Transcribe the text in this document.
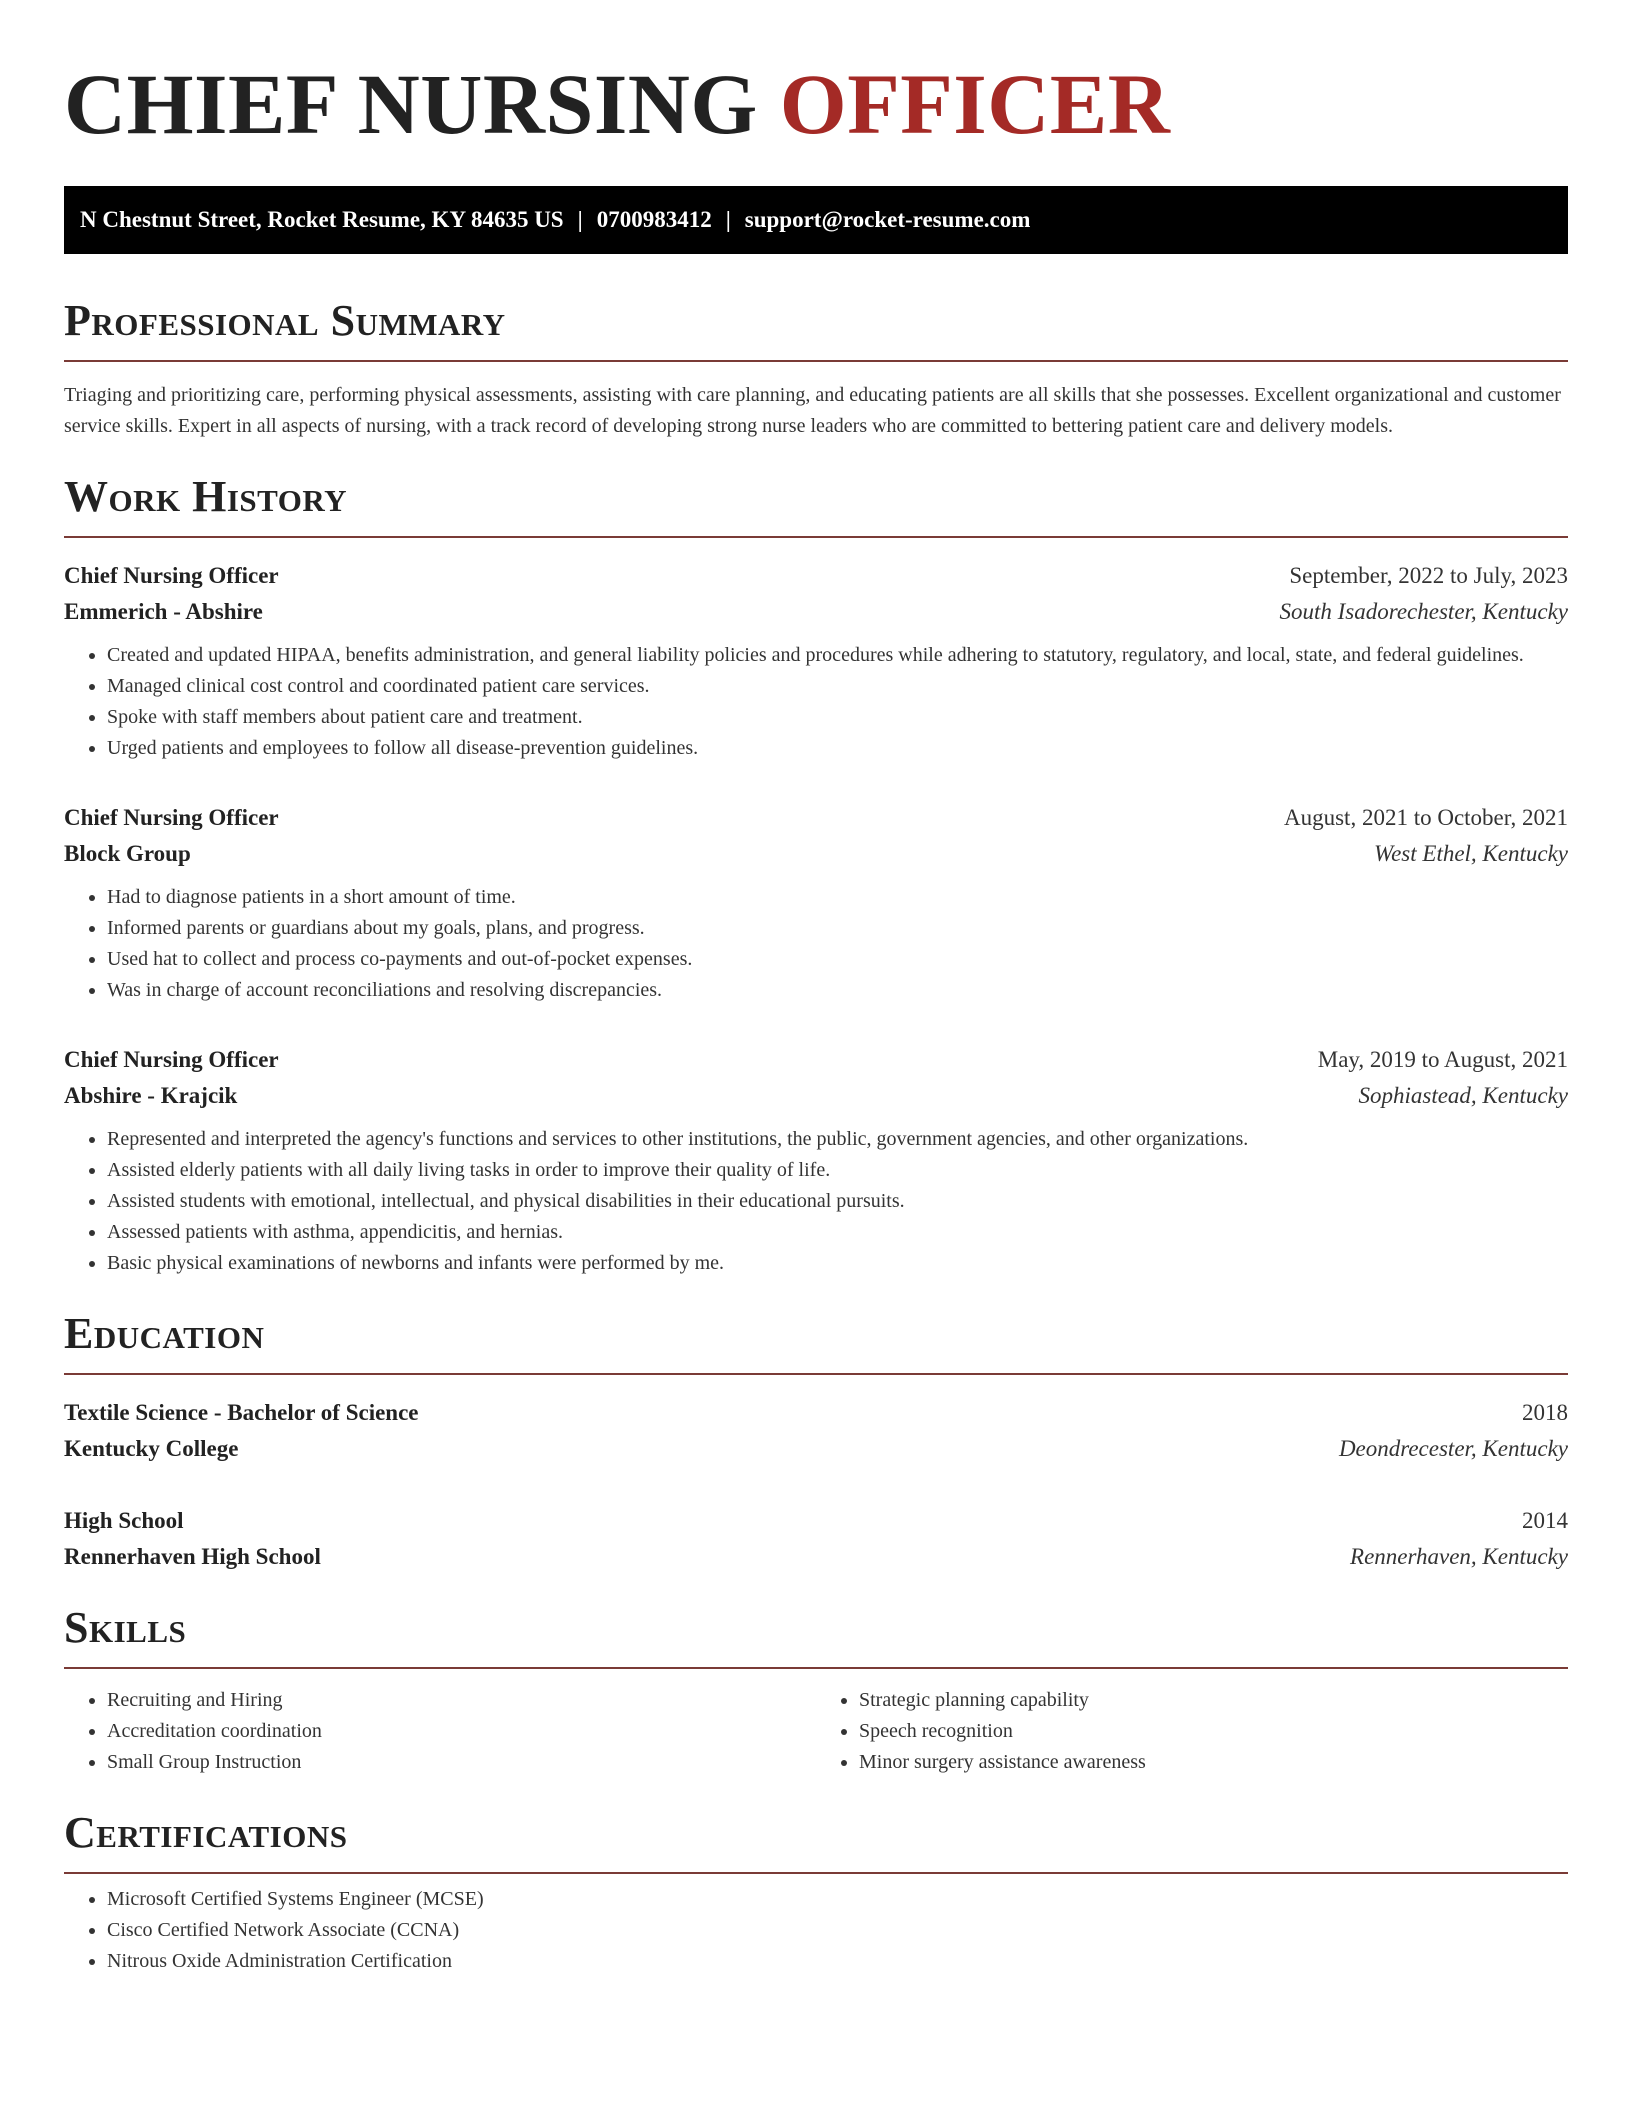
CHIEF NURSING OFFICER
N Chestnut Street, Rocket Resume, KY 84635 US | 0700983412 | support@rocket-resume.com
Professional Summary

Triaging and prioritizing care, performing physical assessments, assisting with care planning, and educating patients are all skills that she possesses. Excellent organizational and customer service skills. Expert in all aspects of nursing, with a track record of developing strong nurse leaders who are committed to bettering patient care and delivery models.

Work History
Chief Nursing Officer	September, 2022 to July, 2023
Emmerich - Abshire	South Isadorechester, Kentucky
• Created and updated HIPAA, benefits administration, and general liability policies and procedures while adhering to statutory, regulatory, and local, state, and federal guidelines.
• Managed clinical cost control and coordinated patient care services.
• Spoke with staff members about patient care and treatment.
• Urged patients and employees to follow all disease-prevention guidelines.
Chief Nursing Officer	August, 2021 to October, 2021
Block Group	West Ethel, Kentucky
• Had to diagnose patients in a short amount of time.
• Informed parents or guardians about my goals, plans, and progress.
• Used hat to collect and process co-payments and out-of-pocket expenses.
• Was in charge of account reconciliations and resolving discrepancies.
Chief Nursing Officer	May, 2019 to August, 2021
Abshire - Krajcik	Sophiastead, Kentucky
• Represented and interpreted the agency's functions and services to other institutions, the public, government agencies, and other organizations.
• Assisted elderly patients with all daily living tasks in order to improve their quality of life.
• Assisted students with emotional, intellectual, and physical disabilities in their educational pursuits.
• Assessed patients with asthma, appendicitis, and hernias.
• Basic physical examinations of newborns and infants were performed by me.
Education
Textile Science - Bachelor of Science	2018
Kentucky College	Deondrecester, Kentucky
High School	2014
Rennerhaven High School	Rennerhaven, Kentucky
Skills
• Recruiting and Hiring
• Accreditation coordination
• Small Group Instruction
• Strategic planning capability
• Speech recognition
• Minor surgery assistance awareness
Certifications
• Microsoft Certified Systems Engineer (MCSE)
• Cisco Certified Network Associate (CCNA)
• Nitrous Oxide Administration Certification
